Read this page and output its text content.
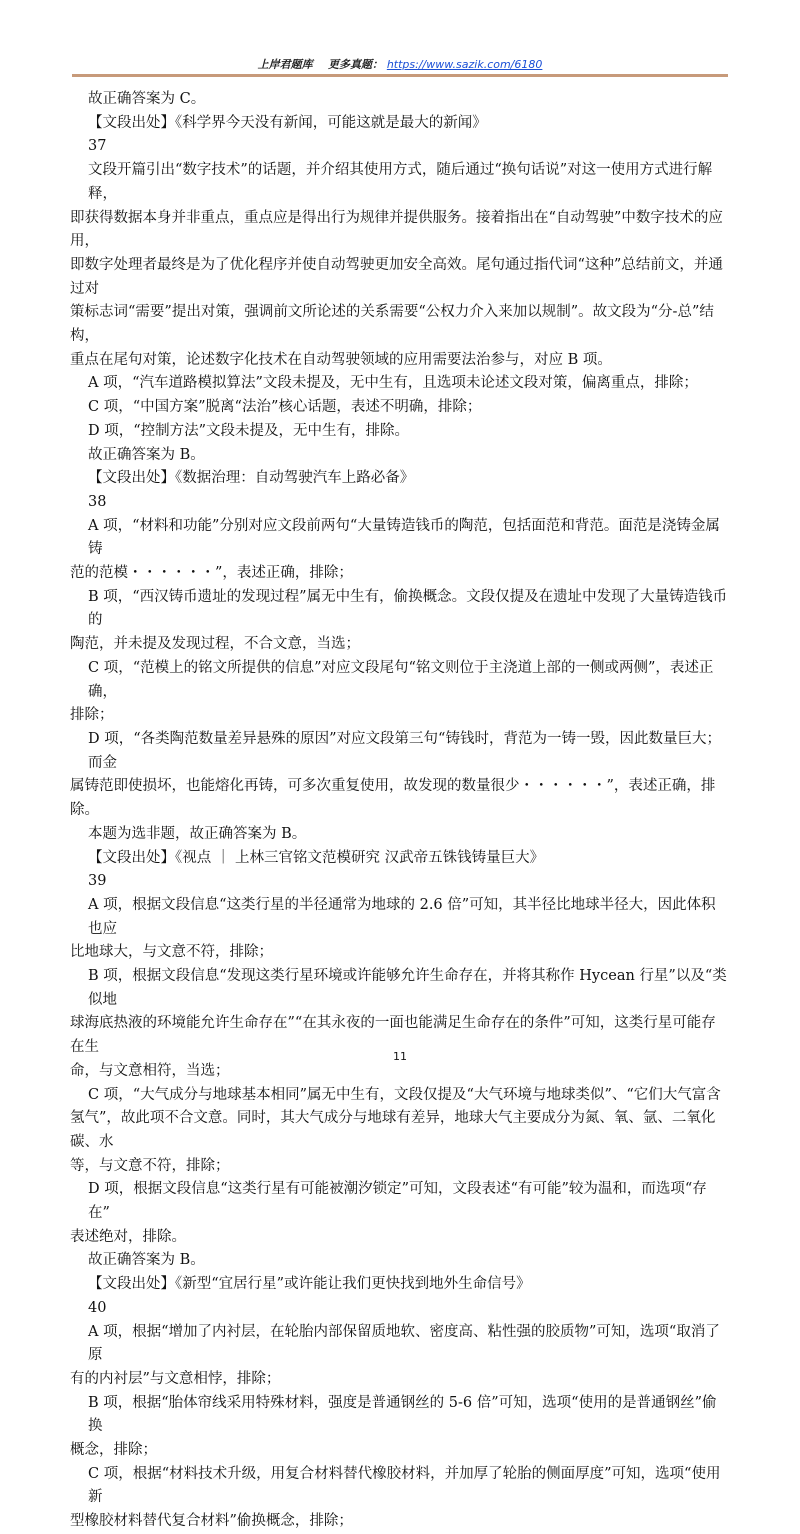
上岸君题库 更多真题： https://www.sazik.com/6180

故正确答案为 C。

【文段出处】《科学界今天没有新闻，可能这就是最大的新闻》

37

文段开篇引出“数字技术”的话题，并介绍其使用方式，随后通过“换句话说”对这一使用方式进行解释，

即获得数据本身并非重点，重点应是得出行为规律并提供服务。接着指出在“自动驾驶”中数字技术的应用，

即数字处理者最终是为了优化程序并使自动驾驶更加安全高效。尾句通过指代词“这种”总结前文，并通过对

策标志词“需要”提出对策，强调前文所论述的关系需要“公权力介入来加以规制”。故文段为“分-总”结构，

重点在尾句对策，论述数字化技术在自动驾驶领域的应用需要法治参与，对应 B 项。

A 项，“汽车道路模拟算法”文段未提及，无中生有，且选项未论述文段对策，偏离重点，排除；

C 项，“中国方案”脱离“法治”核心话题，表述不明确，排除；

D 项，“控制方法”文段未提及，无中生有，排除。

故正确答案为 B。

【文段出处】《数据治理：自动驾驶汽车上路必备》

38

A 项，“材料和功能”分别对应文段前两句“大量铸造钱币的陶范，包括面范和背范。面范是浇铸金属铸

范的范模・・・・・・”，表述正确，排除；

B 项，“西汉铸币遗址的发现过程”属无中生有，偷换概念。文段仅提及在遗址中发现了大量铸造钱币的

陶范，并未提及发现过程，不合文意，当选；

C 项，“范模上的铭文所提供的信息”对应文段尾句“铭文则位于主浇道上部的一侧或两侧”，表述正确，

排除；

D 项，“各类陶范数量差异悬殊的原因”对应文段第三句“铸钱时，背范为一铸一毁，因此数量巨大；而金

属铸范即使损坏，也能熔化再铸，可多次重复使用，故发现的数量很少・・・・・・”，表述正确，排除。

本题为选非题，故正确答案为 B。

【文段出处】《视点 ｜ 上林三官铭文范模研究 汉武帝五铢钱铸量巨大》

39

A 项，根据文段信息“这类行星的半径通常为地球的 2.6 倍”可知，其半径比地球半径大，因此体积也应

比地球大，与文意不符，排除；

B 项，根据文段信息“发现这类行星环境或许能够允许生命存在，并将其称作 Hycean 行星”以及“类似地

球海底热液的环境能允许生命存在”“在其永夜的一面也能满足生命存在的条件”可知，这类行星可能存在生

命，与文意相符，当选；

C 项，“大气成分与地球基本相同”属无中生有，文段仅提及“大气环境与地球类似”、“它们大气富含

氢气”，故此项不合文意。同时，其大气成分与地球有差异，地球大气主要成分为氮、氧、氩、二氧化碳、水

等，与文意不符，排除；

D 项，根据文段信息“这类行星有可能被潮汐锁定”可知，文段表述“有可能”较为温和，而选项“存在”

表述绝对，排除。

故正确答案为 B。

【文段出处】《新型“宜居行星”或许能让我们更快找到地外生命信号》

40

A 项，根据“增加了内衬层，在轮胎内部保留质地软、密度高、粘性强的胶质物”可知，选项“取消了原

有的内衬层”与文意相悖，排除；

B 项，根据“胎体帘线采用特殊材料，强度是普通钢丝的 5-6 倍”可知，选项“使用的是普通钢丝”偷换

概念，排除；

C 项，根据“材料技术升级，用复合材料替代橡胶材料，并加厚了轮胎的侧面厚度”可知，选项“使用新

型橡胶材料替代复合材料”偷换概念，排除；

11
